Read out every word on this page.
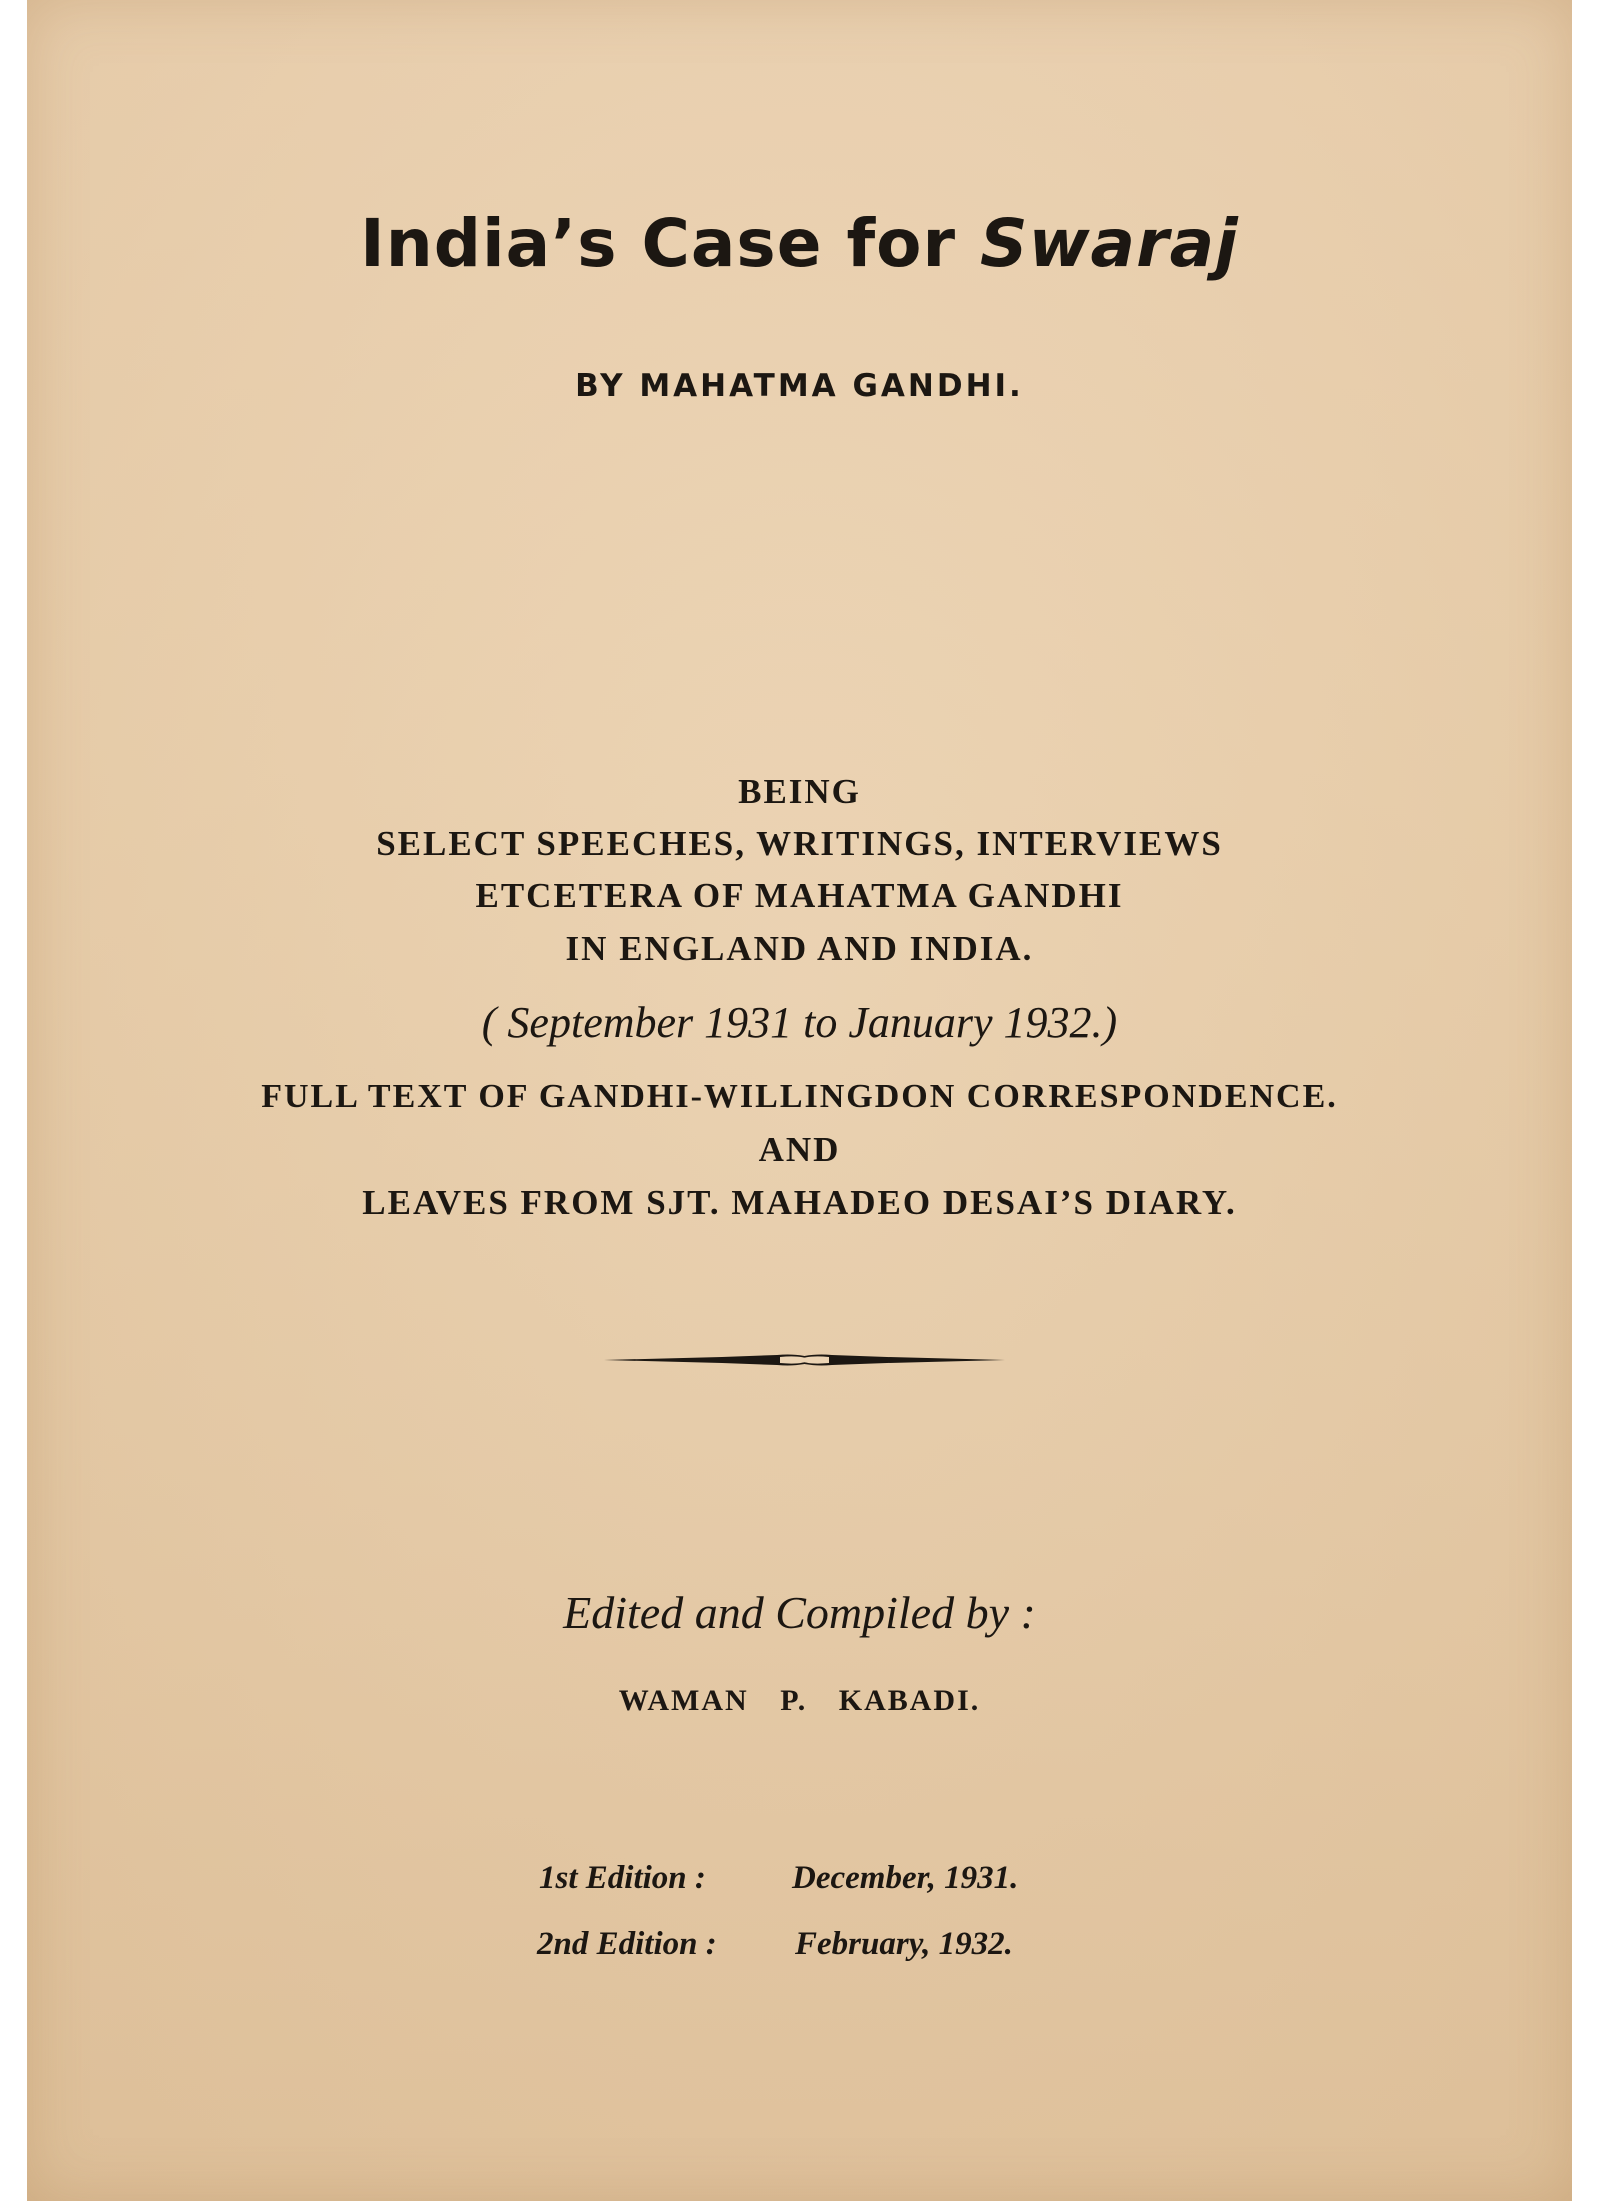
India’s Case for Swaraj
BY MAHATMA GANDHI.
BEING
SELECT SPEECHES, WRITINGS, INTERVIEWS
ETCETERA OF MAHATMA GANDHI
IN ENGLAND AND INDIA.
( September 1931 to January 1932.)
FULL TEXT OF GANDHI-WILLINGDON CORRESPONDENCE.
AND
LEAVES FROM SJT. MAHADEO DESAI’S DIARY.
Edited and Compiled by :
WAMAN P. KABADI.
1st Edition :	December, 1931.
2nd Edition : February, 1932.
